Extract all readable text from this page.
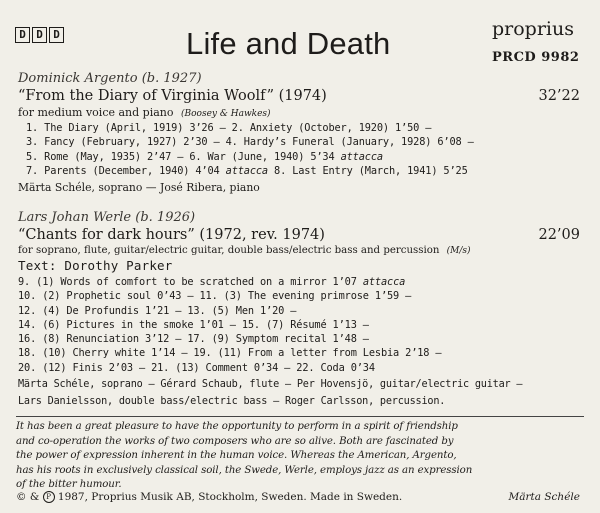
D D D	Life and Death	proprius
PRCD 9982
Dominick Argento (b. 1927)
“From the Diary of Virginia Woolf” (1974)	32’22
for medium voice and piano (Boosey & Hawkes)
1. The Diary (April, 1919) 3’26 — 2. Anxiety (October, 1920) 1’50 —
3. Fancy (February, 1927) 2’30 — 4. Hardy’s Funeral (January, 1928) 6’08 —
5. Rome (May, 1935) 2’47 — 6. War (June, 1940) 5’34 attacca
7. Parents (December, 1940) 4’04 attacca 8. Last Entry (March, 1941) 5’25
Märta Schéle, soprano — José Ribera, piano
Lars Johan Werle (b. 1926)
“Chants for dark hours” (1972, rev. 1974)	22’09
for soprano, flute, guitar/electric guitar, double bass/electric bass and percussion (M/s)
Text: Dorothy Parker
9. (1) Words of comfort to be scratched on a mirror 1’07 attacca
10. (2) Prophetic soul 0’43 — 11. (3) The evening primrose 1’59 —
12. (4) De Profundis 1’21 — 13. (5) Men 1’20 —
14. (6) Pictures in the smoke 1’01 — 15. (7) Résumé 1’13 —
16. (8) Renunciation 3’12 — 17. (9) Symptom recital 1’48 —
18. (10) Cherry white 1’14 — 19. (11) From a letter from Lesbia 2’18 —
20. (12) Finis 2’03 — 21. (13) Comment 0’34 — 22. Coda 0’34
Märta Schéle, soprano — Gérard Schaub, flute — Per Hovensjö, guitar/electric guitar —
Lars Danielsson, double bass/electric bass — Roger Carlsson, percussion.
It has been a great pleasure to have the opportunity to perform in a spirit of friendship
and co-operation the works of two composers who are so alive. Both are fascinated by
the power of expression inherent in the human voice. Whereas the American, Argento,
has his roots in exclusively classical soil, the Swede, Werle, employs jazz as an expression
of the bitter humour.
© & P 1987, Proprius Musik AB, Stockholm, Sweden. Made in Sweden.	Märta Schéle
